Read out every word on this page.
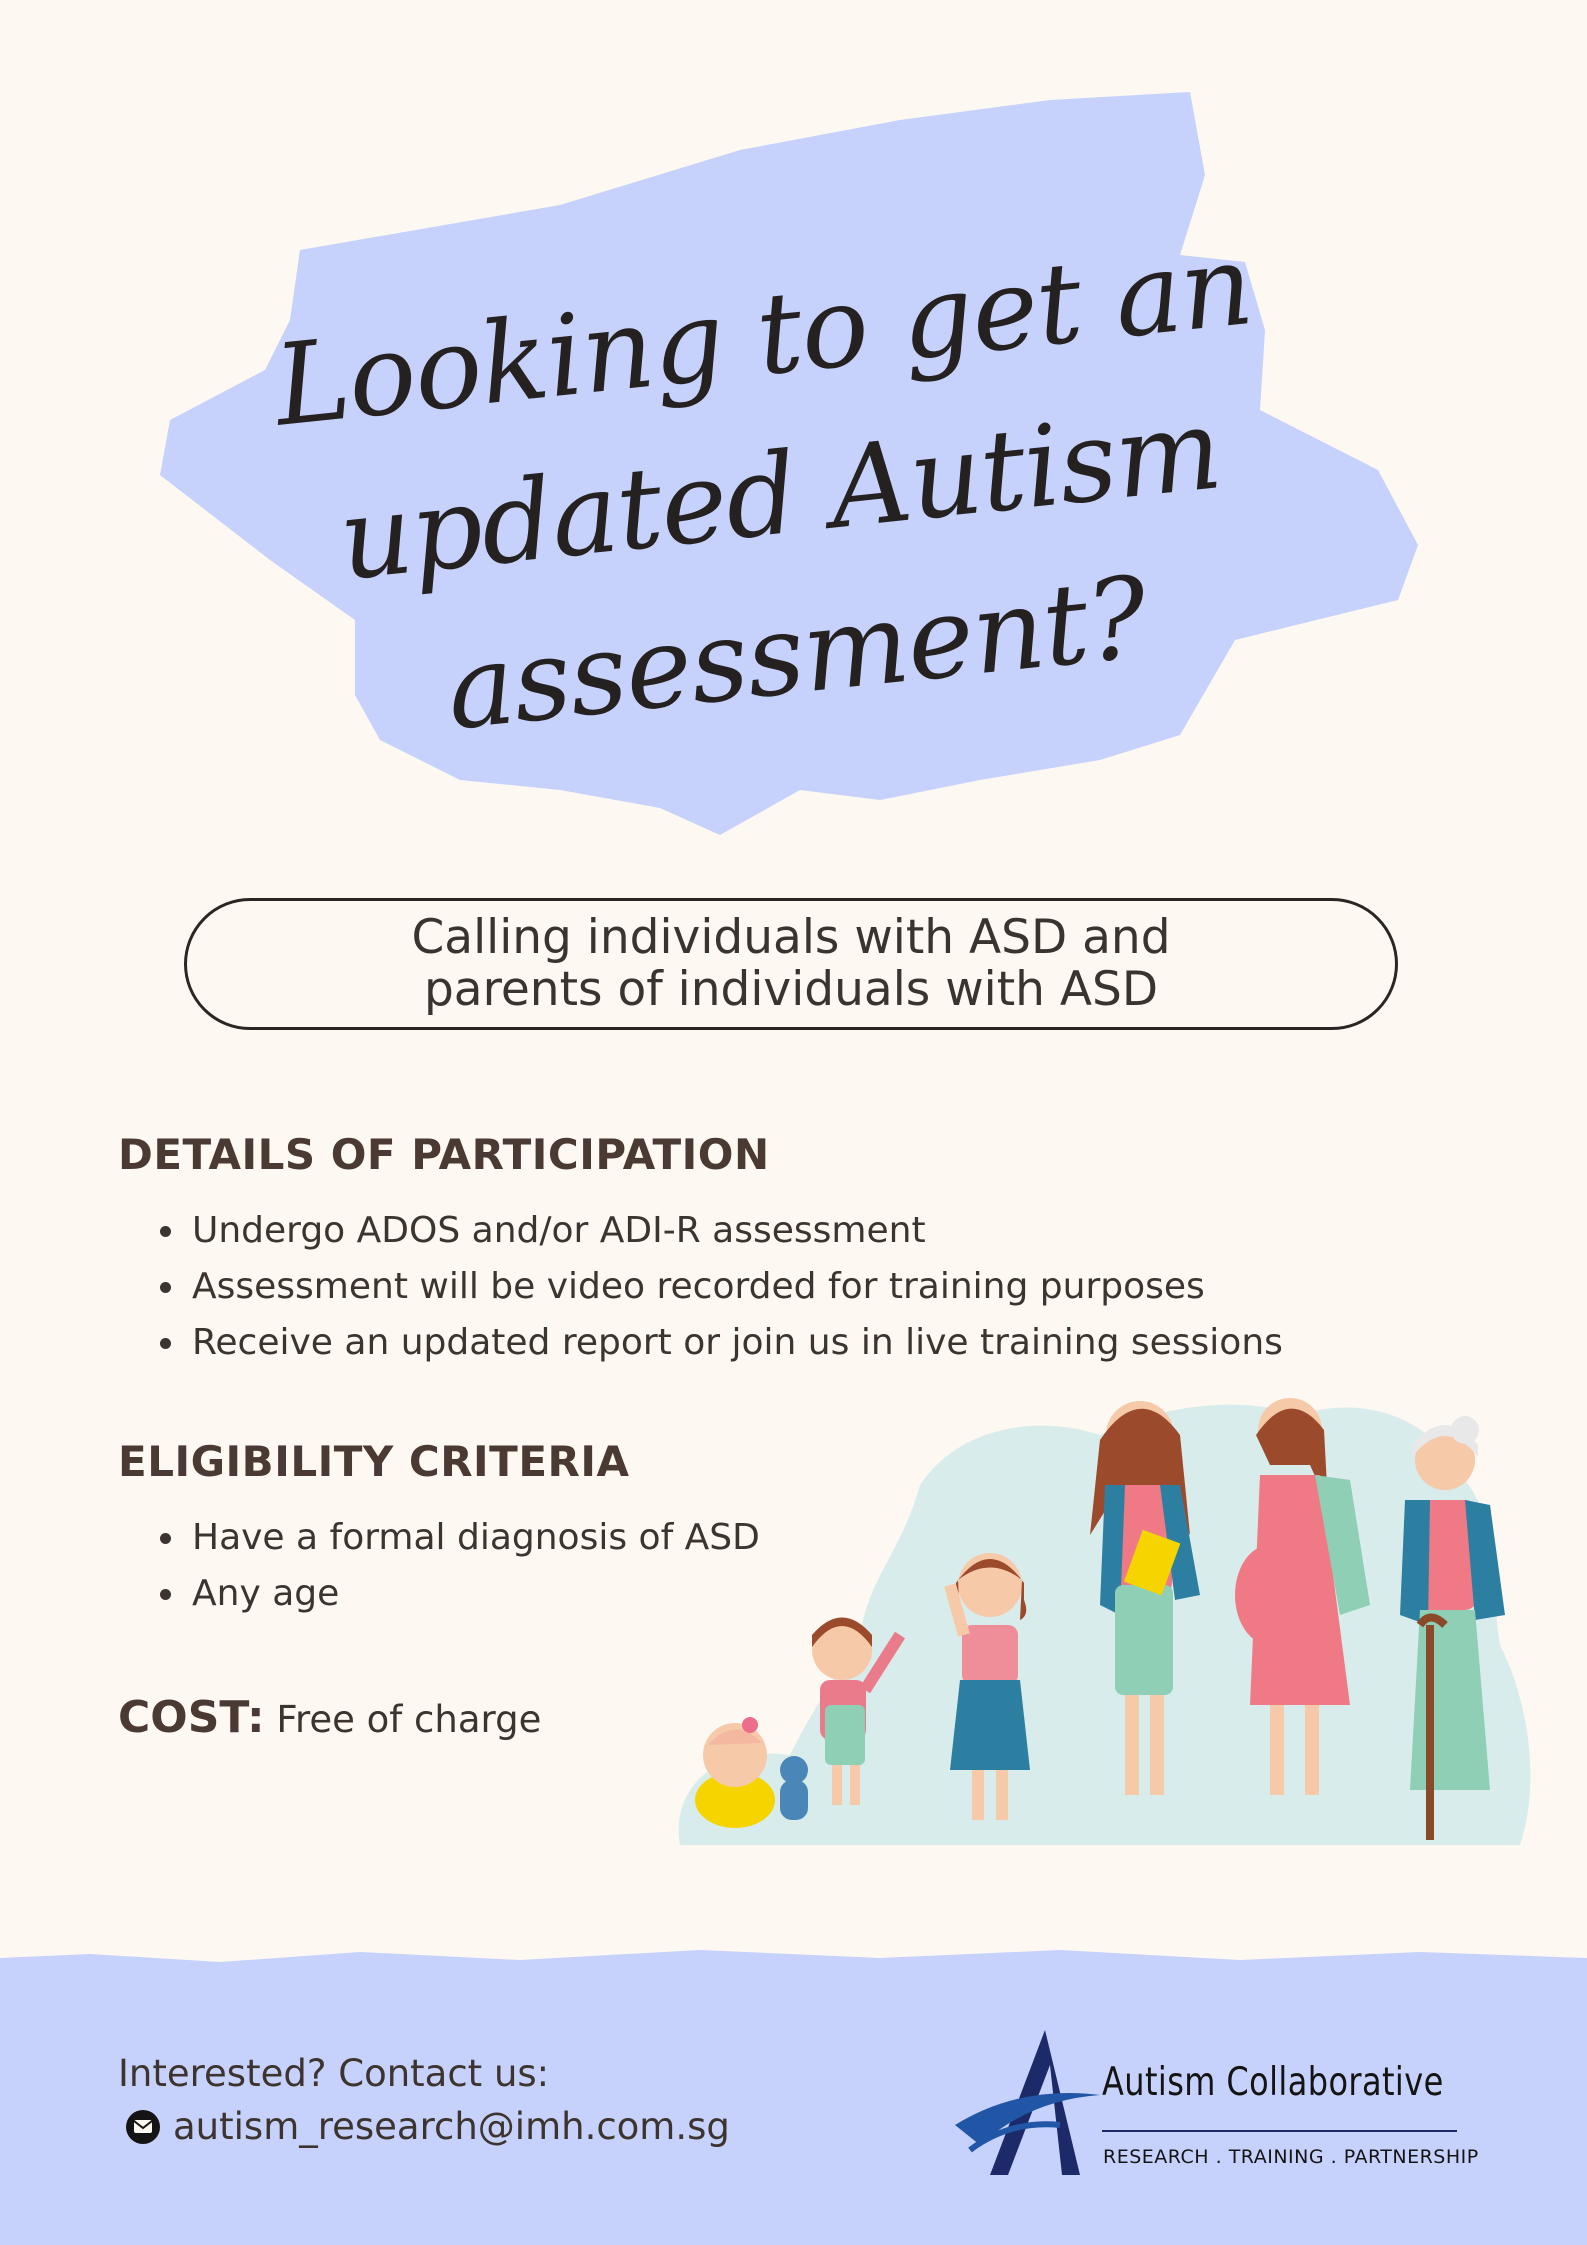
Looking to get an updated Autism assessment?
Calling individuals with ASD and
parents of individuals with ASD
DETAILS OF PARTICIPATION
• Undergo ADOS and/or ADI-R assessment
• Assessment will be video recorded for training purposes
• Receive an updated report or join us in live training sessions
ELIGIBILITY CRITERIA
• Have a formal diagnosis of ASD
• Any age
COST: Free of charge
Interested? Contact us:
autism_research@imh.com.sg
Autism Collaborative
RESEARCH . TRAINING . PARTNERSHIP
